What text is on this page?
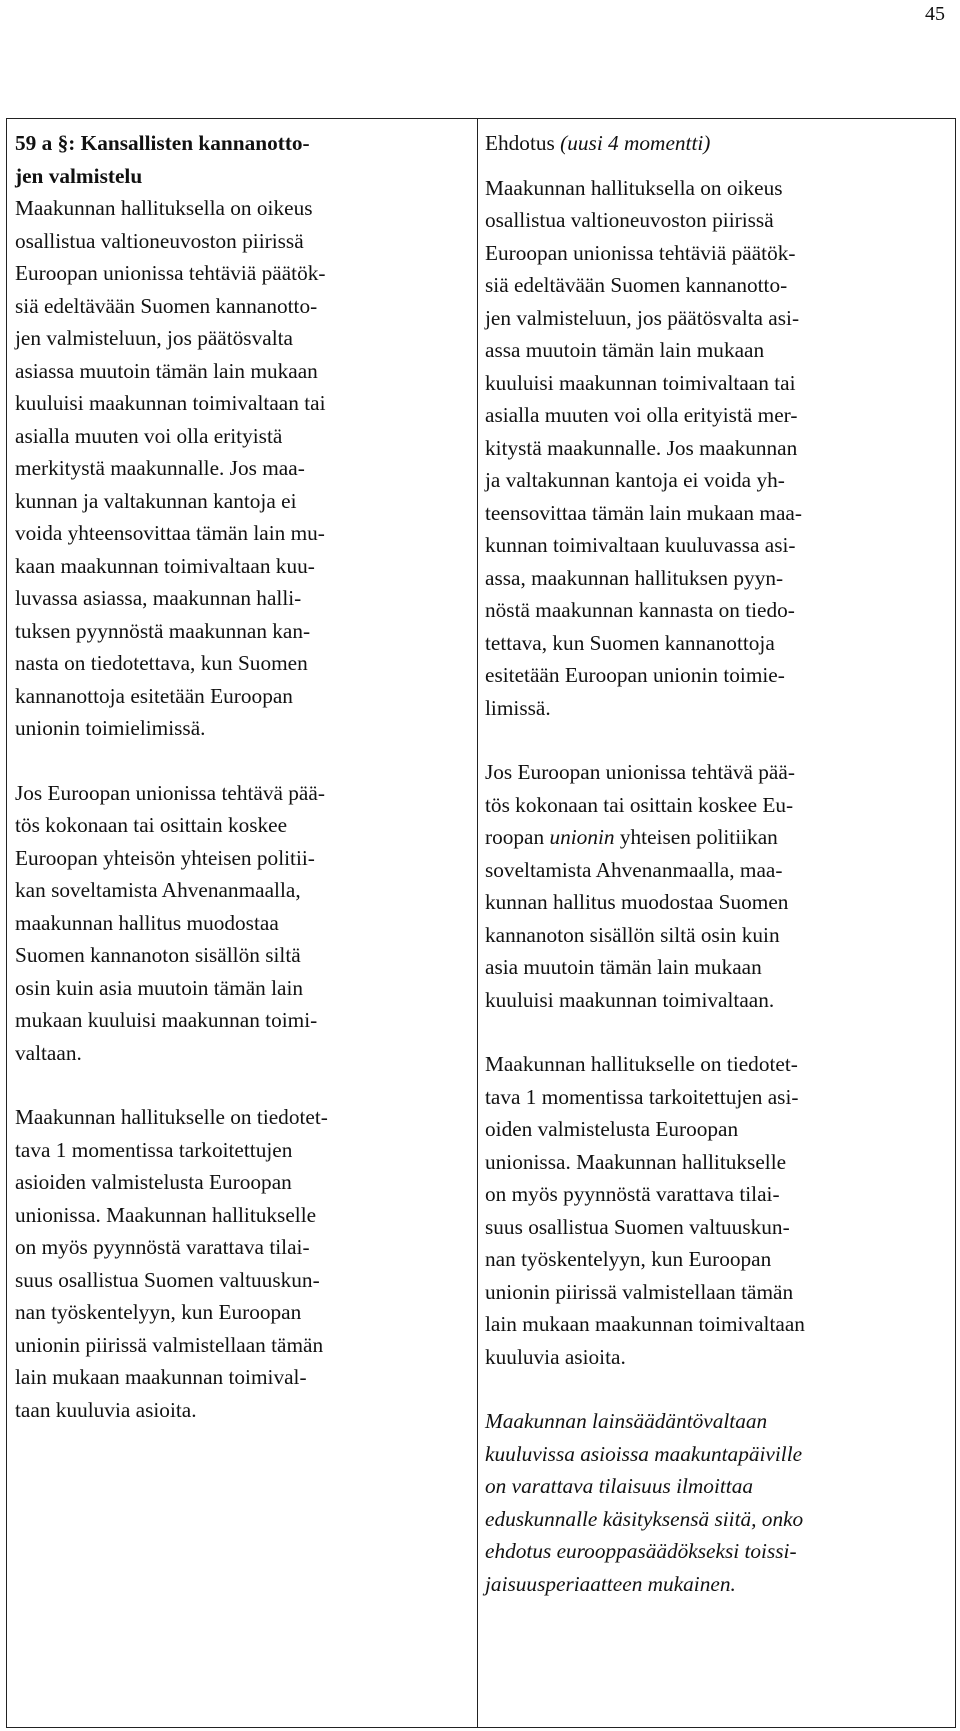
45

59 a §: Kansallisten kannanotto-
jen valmistelu

Maakunnan hallituksella on oikeus
osallistua valtioneuvoston piirissä
Euroopan unionissa tehtäviä päätök-
siä edeltävään Suomen kannanotto-
jen valmisteluun, jos päätösvalta
asiassa muutoin tämän lain mukaan
kuuluisi maakunnan toimivaltaan tai
asialla muuten voi olla erityistä
merkitystä maakunnalle. Jos maa-
kunnan ja valtakunnan kantoja ei
voida yhteensovittaa tämän lain mu-
kaan maakunnan toimivaltaan kuu-
luvassa asiassa, maakunnan halli-
tuksen pyynnöstä maakunnan kan-
nasta on tiedotettava, kun Suomen
kannanottoja esitetään Euroopan
unionin toimielimissä.

Jos Euroopan unionissa tehtävä pää-
tös kokonaan tai osittain koskee
Euroopan yhteisön yhteisen politii-
kan soveltamista Ahvenanmaalla,
maakunnan hallitus muodostaa
Suomen kannanoton sisällön siltä
osin kuin asia muutoin tämän lain
mukaan kuuluisi maakunnan toimi-
valtaan.

Maakunnan hallitukselle on tiedotet-
tava 1 momentissa tarkoitettujen
asioiden valmistelusta Euroopan
unionissa. Maakunnan hallitukselle
on myös pyynnöstä varattava tilai-
suus osallistua Suomen valtuuskun-
nan työskentelyyn, kun Euroopan
unionin piirissä valmistellaan tämän
lain mukaan maakunnan toimival-
taan kuuluvia asioita.

Ehdotus (uusi 4 momentti)

Maakunnan hallituksella on oikeus
osallistua valtioneuvoston piirissä
Euroopan unionissa tehtäviä päätök-
siä edeltävään Suomen kannanotto-
jen valmisteluun, jos päätösvalta asi-
assa muutoin tämän lain mukaan
kuuluisi maakunnan toimivaltaan tai
asialla muuten voi olla erityistä mer-
kitystä maakunnalle. Jos maakunnan
ja valtakunnan kantoja ei voida yh-
teensovittaa tämän lain mukaan maa-
kunnan toimivaltaan kuuluvassa asi-
assa, maakunnan hallituksen pyyn-
nöstä maakunnan kannasta on tiedo-
tettava, kun Suomen kannanottoja
esitetään Euroopan unionin toimie-
limissä.

Jos Euroopan unionissa tehtävä pää-
tös kokonaan tai osittain koskee Eu-
roopan unionin yhteisen politiikan
soveltamista Ahvenanmaalla, maa-
kunnan hallitus muodostaa Suomen
kannanoton sisällön siltä osin kuin
asia muutoin tämän lain mukaan
kuuluisi maakunnan toimivaltaan.

Maakunnan hallitukselle on tiedotet-
tava 1 momentissa tarkoitettujen asi-
oiden valmistelusta Euroopan
unionissa. Maakunnan hallitukselle
on myös pyynnöstä varattava tilai-
suus osallistua Suomen valtuuskun-
nan työskentelyyn, kun Euroopan
unionin piirissä valmistellaan tämän
lain mukaan maakunnan toimivaltaan
kuuluvia asioita.

Maakunnan lainsäädäntövaltaan
kuuluvissa asioissa maakuntapäiville
on varattava tilaisuus ilmoittaa
eduskunnalle käsityksensä siitä, onko
ehdotus eurooppasäädökseksi toissi-
jaisuusperiaatteen mukainen.
